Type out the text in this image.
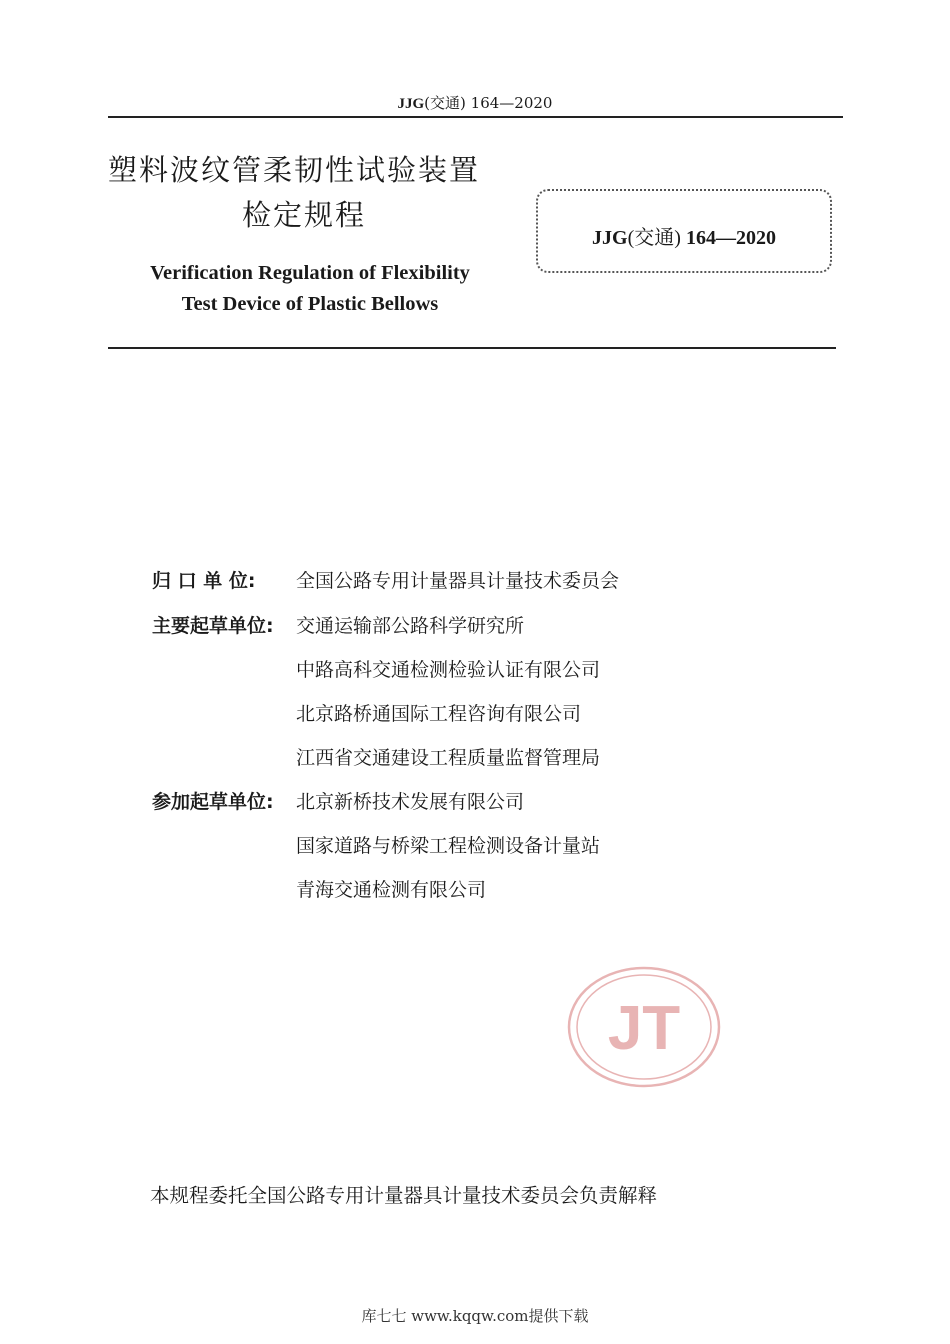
JJG(交通) 164—2020
塑料波纹管柔韧性试验装置
检定规程
Verification Regulation of Flexibility
Test Device of Plastic Bellows
JJG(交通) 164—2020
归 口 单 位: 全国公路专用计量器具计量技术委员会
主要起草单位: 交通运输部公路科学研究所
中路高科交通检测检验认证有限公司
北京路桥通国际工程咨询有限公司
江西省交通建设工程质量监督管理局
参加起草单位: 北京新桥技术发展有限公司
国家道路与桥梁工程检测设备计量站
青海交通检测有限公司
JT
本规程委托全国公路专用计量器具计量技术委员会负责解释
库七七 www.kqqw.com提供下载
